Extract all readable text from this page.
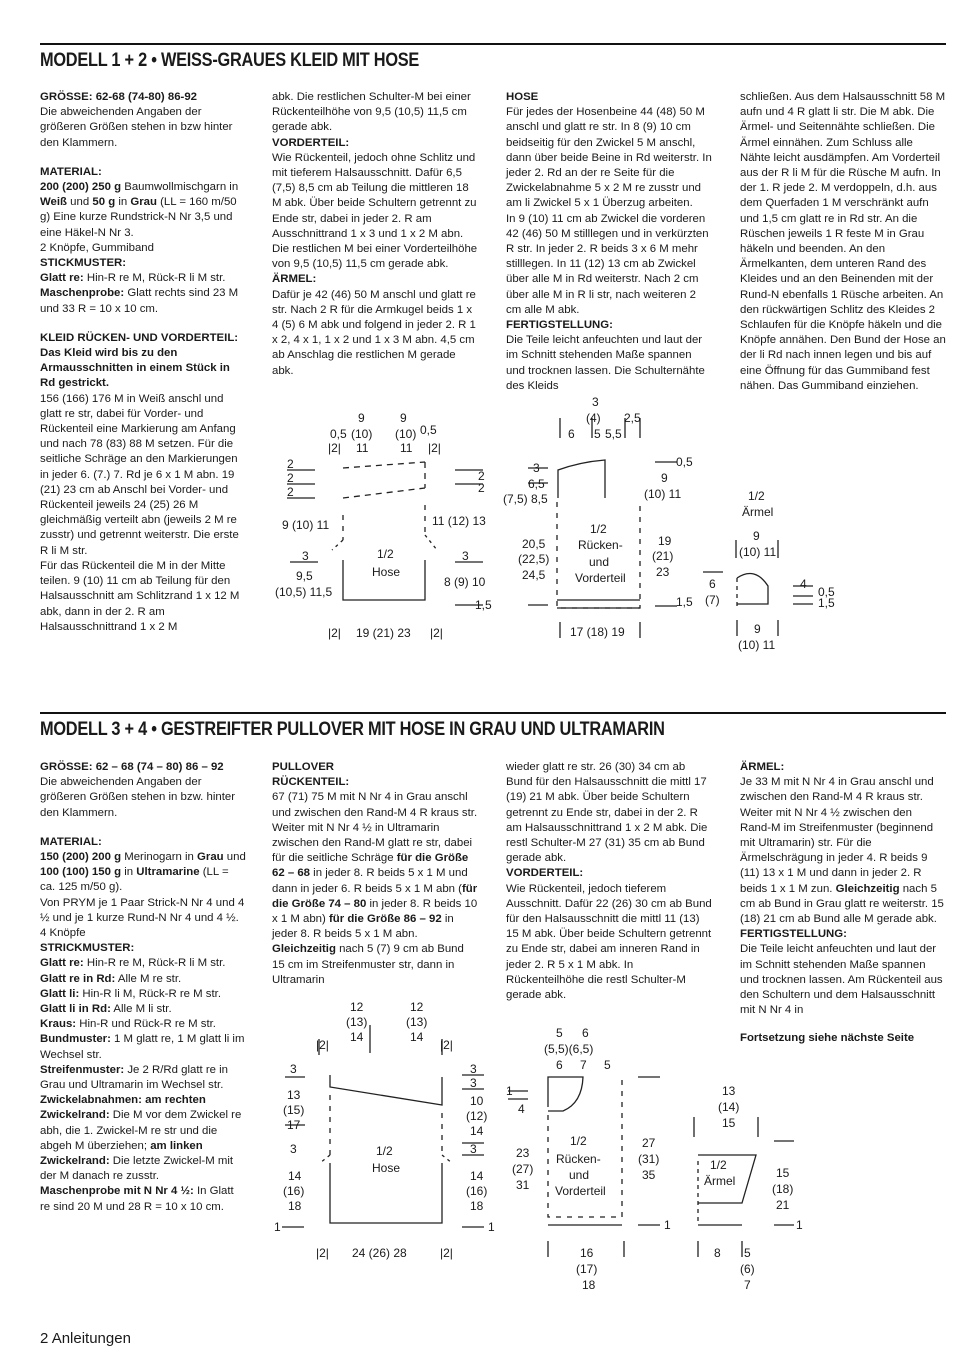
MODELL 1 + 2 • WEISS-GRAUES KLEID MIT HOSE

GRÖSSE: 62-68 (74-80) 86-92

Die abweichenden Angaben der größeren Größen stehen in bzw hinter den Klammern.

MATERIAL:

200 (200) 250 g Baumwollmischgarn in Weiß und 50 g in Grau (LL = 160 m/50 g) Eine kurze Rundstrick-N Nr 3,5 und eine Häkel-N Nr 3.

2 Knöpfe, Gummiband

STICKMUSTER:

Glatt re: Hin-R re M, Rück-R li M str.

Maschenprobe: Glatt rechts sind 23 M und 33 R = 10 x 10 cm.

KLEID RÜCKEN- UND VORDERTEIL:

Das Kleid wird bis zu den Armausschnitten in einem Stück in Rd gestrickt.

156 (166) 176 M in Weiß anschl und glatt re str, dabei für Vorder- und Rückenteil eine Markierung am Anfang und nach 78 (83) 88 M setzen. Für die seitliche Schräge an den Markierungen in jeder 6. (7.) 7. Rd je 6 x 1 M abn. 19 (21) 23 cm ab Anschl bei Vorder- und Rückenteil jeweils 24 (25) 26 M gleichmäßig verteilt abn (jeweils 2 M re zusstr) und getrennt weiterstr. Die erste R li M str.

Für das Rückenteil die M in der Mitte teilen. 9 (10) 11 cm ab Teilung für den Halsausschnitt am Schlitzrand 1 x 12 M abk, dann in der 2. R am Halsausschnittrand 1 x 2 M

abk. Die restlichen Schulter-M bei einer Rückenteilhöhe von 9,5 (10,5) 11,5 cm gerade abk.

VORDERTEIL:

Wie Rückenteil, jedoch ohne Schlitz und mit tieferem Halsausschnitt. Dafür 6,5 (7,5) 8,5 cm ab Teilung die mittleren 18 M abk. Über beide Schultern getrennt zu Ende str, dabei in jeder 2. R am Ausschnittrand 1 x 3 und 1 x 2 M abn. Die restlichen M bei einer Vorderteilhöhe von 9,5 (10,5) 11,5 cm gerade abk.

ÄRMEL:

Dafür je 42 (46) 50 M anschl und glatt re str. Nach 2 R für die Armkugel beids 1 x 4 (5) 6 M abk und folgend in jeder 2. R 1 x 2, 4 x 1, 1 x 2 und 1 x 3 M abn. 4,5 cm ab Anschlag die restlichen M gerade abk.

HOSE

Für jedes der Hosenbeine 44 (48) 50 M anschl und glatt re str. In 8 (9) 10 cm beidseitig für den Zwickel 5 M anschl, dann über beide Beine in Rd weiterstr. In jeder 2. Rd an der re Seite für die Zwickelabnahme 5 x 2 M re zusstr und am li Zwickel 5 x 1 Überzug arbeiten.

In 9 (10) 11 cm ab Zwickel die vorderen 42 (46) 50 M stilllegen und in verkürzten R str. In jeder 2. R beids 3 x 6 M mehr stilllegen. In 11 (12) 13 cm ab Zwickel über alle M in Rd weiterstr. Nach 2 cm über alle M in R li str, nach weiteren 2 cm alle M abk.

FERTIGSTELLUNG:

Die Teile leicht anfeuchten und laut der im Schnitt stehenden Maße spannen und trocknen lassen. Die Schulternähte des Kleids

schließen. Aus dem Halsausschnitt 58 M aufn und 4 R glatt li str. Die M abk. Die Ärmel- und Seitennähte schließen. Die Ärmel einnähen. Zum Schluss alle Nähte leicht ausdämpfen. Am Vorderteil aus der R li M für die Rüsche M aufn. In der 1. R jede 2. M verdoppeln, d.h. aus dem Querfaden 1 M verschränkt aufn und 1,5 cm glatt re in Rd str. An die Rüschen jeweils 1 R feste M in Grau häkeln und beenden. An den Ärmelkanten, dem unteren Rand des Kleides und an den Beinenden mit der Rund-N ebenfalls 1 Rüsche arbeiten. An den rückwärtigen Schlitz des Kleides 2 Schlaufen für die Knöpfe häkeln und die Knöpfe annähen. Den Bund der Hose an der li Rd nach innen legen und bis auf eine Öffnung für das Gummiband fest nähen. Das Gummiband einziehen.

9	9
0,5 (10) (10) 0,5
|2| 11	11 |2|
2
2
2
2
2
9 (10) 11	11 (12) 13
3	3
1/2
Hose
9,5
(10,5) 11,5
8 (9) 10
1,5
|2| 19 (21) 23 |2|
3
(4) 2,5
6 5 5,5
3
6,5
(7,5) 8,5
0,5
9
(10) 11
20,5
(22,5)
24,5
1/2
Rücken-
und
Vorderteil
19
(21)
23
1,5
17 (18) 19
1/2
Ärmel
9
(10) 11
6
(7)
4
0,5
1,5
9
(10) 11
MODELL 3 + 4 • GESTREIFTER PULLOVER MIT HOSE IN GRAU UND ULTRAMARIN

GRÖSSE: 62 – 68 (74 – 80) 86 – 92

Die abweichenden Angaben der größeren Größen stehen in bzw. hinter den Klammern.

MATERIAL:

150 (200) 200 g Merinogarn in Grau und 100 (100) 150 g in Ultramarine (LL = ca. 125 m/50 g).

Von PRYM je 1 Paar Strick-N Nr 4 und 4 ½ und je 1 kurze Rund-N Nr 4 und 4 ½.

4 Knöpfe

STRICKMUSTER:

Glatt re: Hin-R re M, Rück-R li M str.

Glatt re in Rd: Alle M re str.

Glatt li: Hin-R li M, Rück-R re M str.

Glatt li in Rd: Alle M li str.

Kraus: Hin-R und Rück-R re M str.

Bundmuster: 1 M glatt re, 1 M glatt li im Wechsel str.

Streifenmuster: Je 2 R/Rd glatt re in Grau und Ultramarin im Wechsel str.

Zwickelabnahmen: am rechten Zwickelrand: Die M vor dem Zwickel re abh, die 1. Zwickel-M re str und die abgeh M überziehen; am linken Zwickelrand: Die letzte Zwickel-M mit der M danach re zusstr.

Maschenprobe mit N Nr 4 ½: In Glatt re sind 20 M und 28 R = 10 x 10 cm.

PULLOVER

RÜCKENTEIL:

67 (71) 75 M mit N Nr 4 in Grau anschl und zwischen den Rand-M 4 R kraus str. Weiter mit N Nr 4 ½ in Ultramarin zwischen den Rand-M glatt re str, dabei für die seitliche Schräge für die Größe 62 – 68 in jeder 8. R beids 5 x 1 M und dann in jeder 6. R beids 5 x 1 M abn (für die Größe 74 – 80 in jeder 8. R beids 10 x 1 M abn) für die Größe 86 – 92 in jeder 8. R beids 5 x 1 M abn. Gleichzeitig nach 5 (7) 9 cm ab Bund 15 cm im Streifenmuster str, dann in Ultramarin

wieder glatt re str. 26 (30) 34 cm ab Bund für den Halsausschnitt die mittl 17 (19) 21 M abk. Über beide Schultern getrennt zu Ende str, dabei in der 2. R am Halsausschnittrand 1 x 2 M abk. Die restl Schulter-M 27 (31) 35 cm ab Bund gerade abk.

VORDERTEIL:

Wie Rückenteil, jedoch tieferem Ausschnitt. Dafür 22 (26) 30 cm ab Bund für den Halsausschnitt die mittl 11 (13) 15 M abk. Über beide Schultern getrennt zu Ende str, dabei am inneren Rand in jeder 2. R 5 x 1 M abk. In Rückenteilhöhe die restl Schulter-M gerade abk.

ÄRMEL:

Je 33 M mit N Nr 4 in Grau anschl und zwischen den Rand-M 4 R kraus str. Weiter mit N Nr 4 ½ zwischen den Rand-M im Streifenmuster (beginnend mit Ultramarin) str. Für die Ärmelschrägung in jeder 4. R beids 9 (11) 13 x 1 M und dann in jeder 2. R beids 1 x 1 M zun. Gleichzeitig nach 5 cm ab Bund in Grau glatt re weiterstr. 15 (18) 21 cm ab Bund alle M gerade abk.

FERTIGSTELLUNG:

Die Teile leicht anfeuchten und laut der im Schnitt stehenden Maße spannen und trocknen lassen. Am Rückenteil aus den Schultern und dem Halsausschnitt mit N Nr 4 in

Fortsetzung siehe nächste Seite
12
(13)
14
12
(13)
14
|2|	|2|
3
13
(15)
17
3
14
(16)
18
1
3
3
10
(12)
14
3
14
(16)
18
1
1/2
Hose
|2| 24 (26) 28	|2|
5 6
(5,5)(6,5)
6 7 5
1
4
23
(27)
31
1/2
Rücken-
und
Vorderteil
27
(31)
35
1
16
(17)
18
13
(14)
15
1/2
Ärmel
15
(18)
21
1
8 5
(6)
7
2 Anleitungen
